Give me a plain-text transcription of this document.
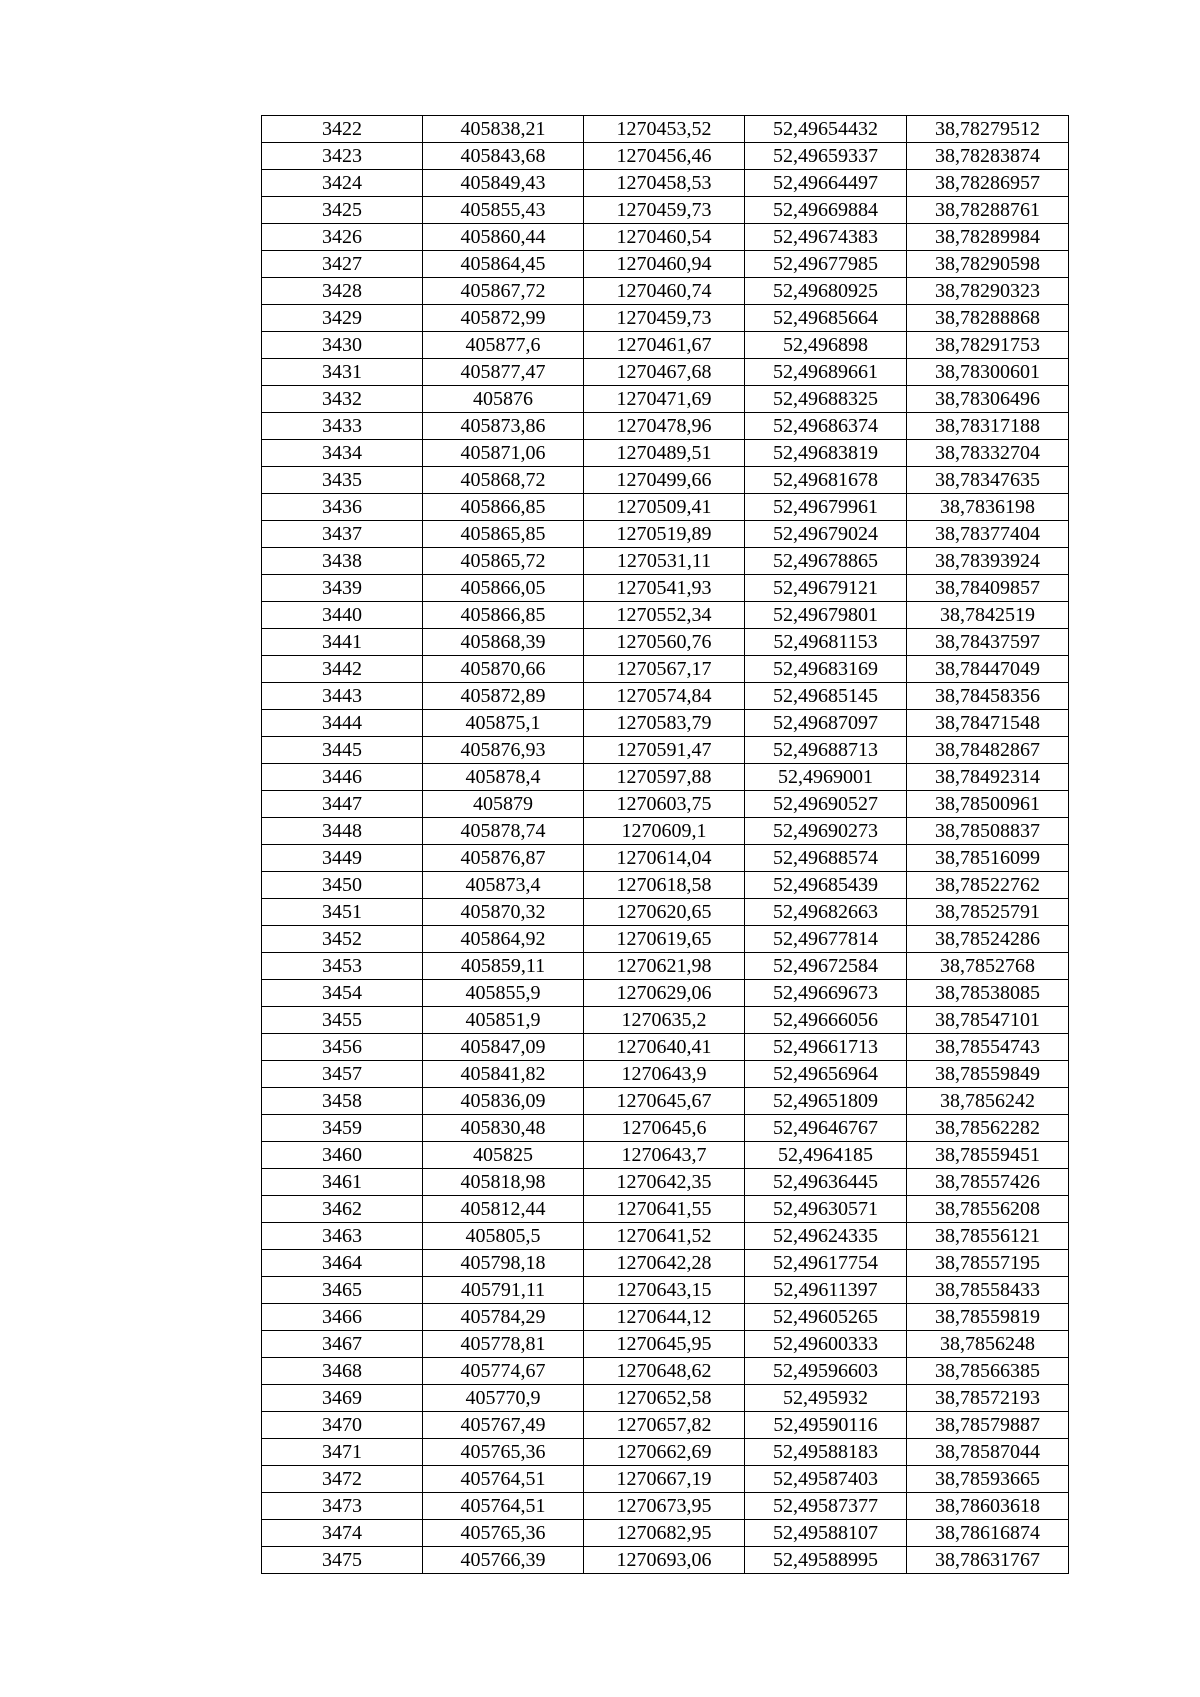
3422	405838,21	1270453,52	52,49654432	38,78279512
3423	405843,68	1270456,46	52,49659337	38,78283874
3424	405849,43	1270458,53	52,49664497	38,78286957
3425	405855,43	1270459,73	52,49669884	38,78288761
3426	405860,44	1270460,54	52,49674383	38,78289984
3427	405864,45	1270460,94	52,49677985	38,78290598
3428	405867,72	1270460,74	52,49680925	38,78290323
3429	405872,99	1270459,73	52,49685664	38,78288868
3430	405877,6	1270461,67	52,496898	38,78291753
3431	405877,47	1270467,68	52,49689661	38,78300601
3432	405876	1270471,69	52,49688325	38,78306496
3433	405873,86	1270478,96	52,49686374	38,78317188
3434	405871,06	1270489,51	52,49683819	38,78332704
3435	405868,72	1270499,66	52,49681678	38,78347635
3436	405866,85	1270509,41	52,49679961	38,7836198
3437	405865,85	1270519,89	52,49679024	38,78377404
3438	405865,72	1270531,11	52,49678865	38,78393924
3439	405866,05	1270541,93	52,49679121	38,78409857
3440	405866,85	1270552,34	52,49679801	38,7842519
3441	405868,39	1270560,76	52,49681153	38,78437597
3442	405870,66	1270567,17	52,49683169	38,78447049
3443	405872,89	1270574,84	52,49685145	38,78458356
3444	405875,1	1270583,79	52,49687097	38,78471548
3445	405876,93	1270591,47	52,49688713	38,78482867
3446	405878,4	1270597,88	52,4969001	38,78492314
3447	405879	1270603,75	52,49690527	38,78500961
3448	405878,74	1270609,1	52,49690273	38,78508837
3449	405876,87	1270614,04	52,49688574	38,78516099
3450	405873,4	1270618,58	52,49685439	38,78522762
3451	405870,32	1270620,65	52,49682663	38,78525791
3452	405864,92	1270619,65	52,49677814	38,78524286
3453	405859,11	1270621,98	52,49672584	38,7852768
3454	405855,9	1270629,06	52,49669673	38,78538085
3455	405851,9	1270635,2	52,49666056	38,78547101
3456	405847,09	1270640,41	52,49661713	38,78554743
3457	405841,82	1270643,9	52,49656964	38,78559849
3458	405836,09	1270645,67	52,49651809	38,7856242
3459	405830,48	1270645,6	52,49646767	38,78562282
3460	405825	1270643,7	52,4964185	38,78559451
3461	405818,98	1270642,35	52,49636445	38,78557426
3462	405812,44	1270641,55	52,49630571	38,78556208
3463	405805,5	1270641,52	52,49624335	38,78556121
3464	405798,18	1270642,28	52,49617754	38,78557195
3465	405791,11	1270643,15	52,49611397	38,78558433
3466	405784,29	1270644,12	52,49605265	38,78559819
3467	405778,81	1270645,95	52,49600333	38,7856248
3468	405774,67	1270648,62	52,49596603	38,78566385
3469	405770,9	1270652,58	52,495932	38,78572193
3470	405767,49	1270657,82	52,49590116	38,78579887
3471	405765,36	1270662,69	52,49588183	38,78587044
3472	405764,51	1270667,19	52,49587403	38,78593665
3473	405764,51	1270673,95	52,49587377	38,78603618
3474	405765,36	1270682,95	52,49588107	38,78616874
3475	405766,39	1270693,06	52,49588995	38,78631767
